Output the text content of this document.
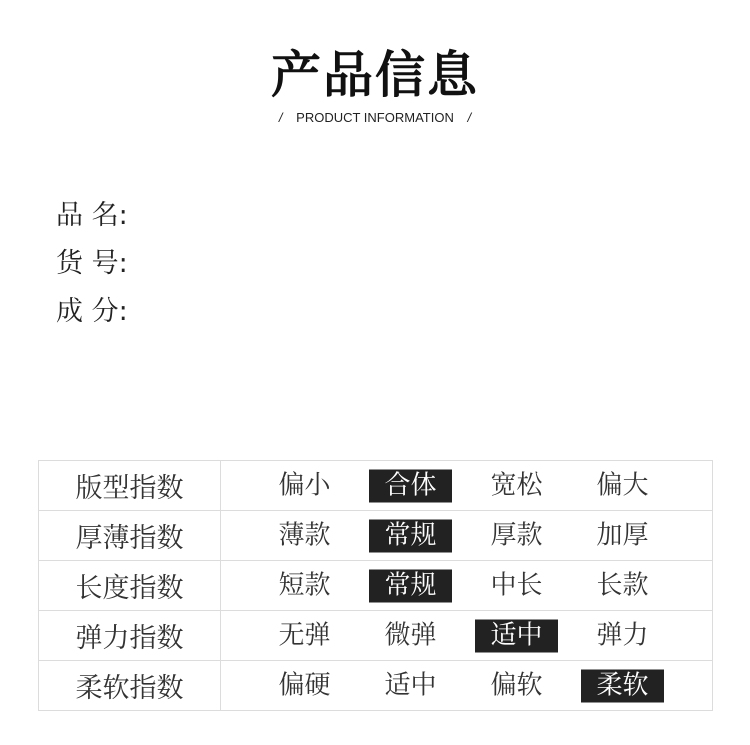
产品信息
/ PRODUCT INFORMATION /
品 名:
货 号:
成 分:
版型指数	偏小 合体 宽松 偏大

厚薄指数	薄款 常规 厚款 加厚

长度指数	短款 常规 中长 长款

弹力指数	无弹 微弹 适中 弹力

柔软指数	偏硬 适中 偏软 柔软
